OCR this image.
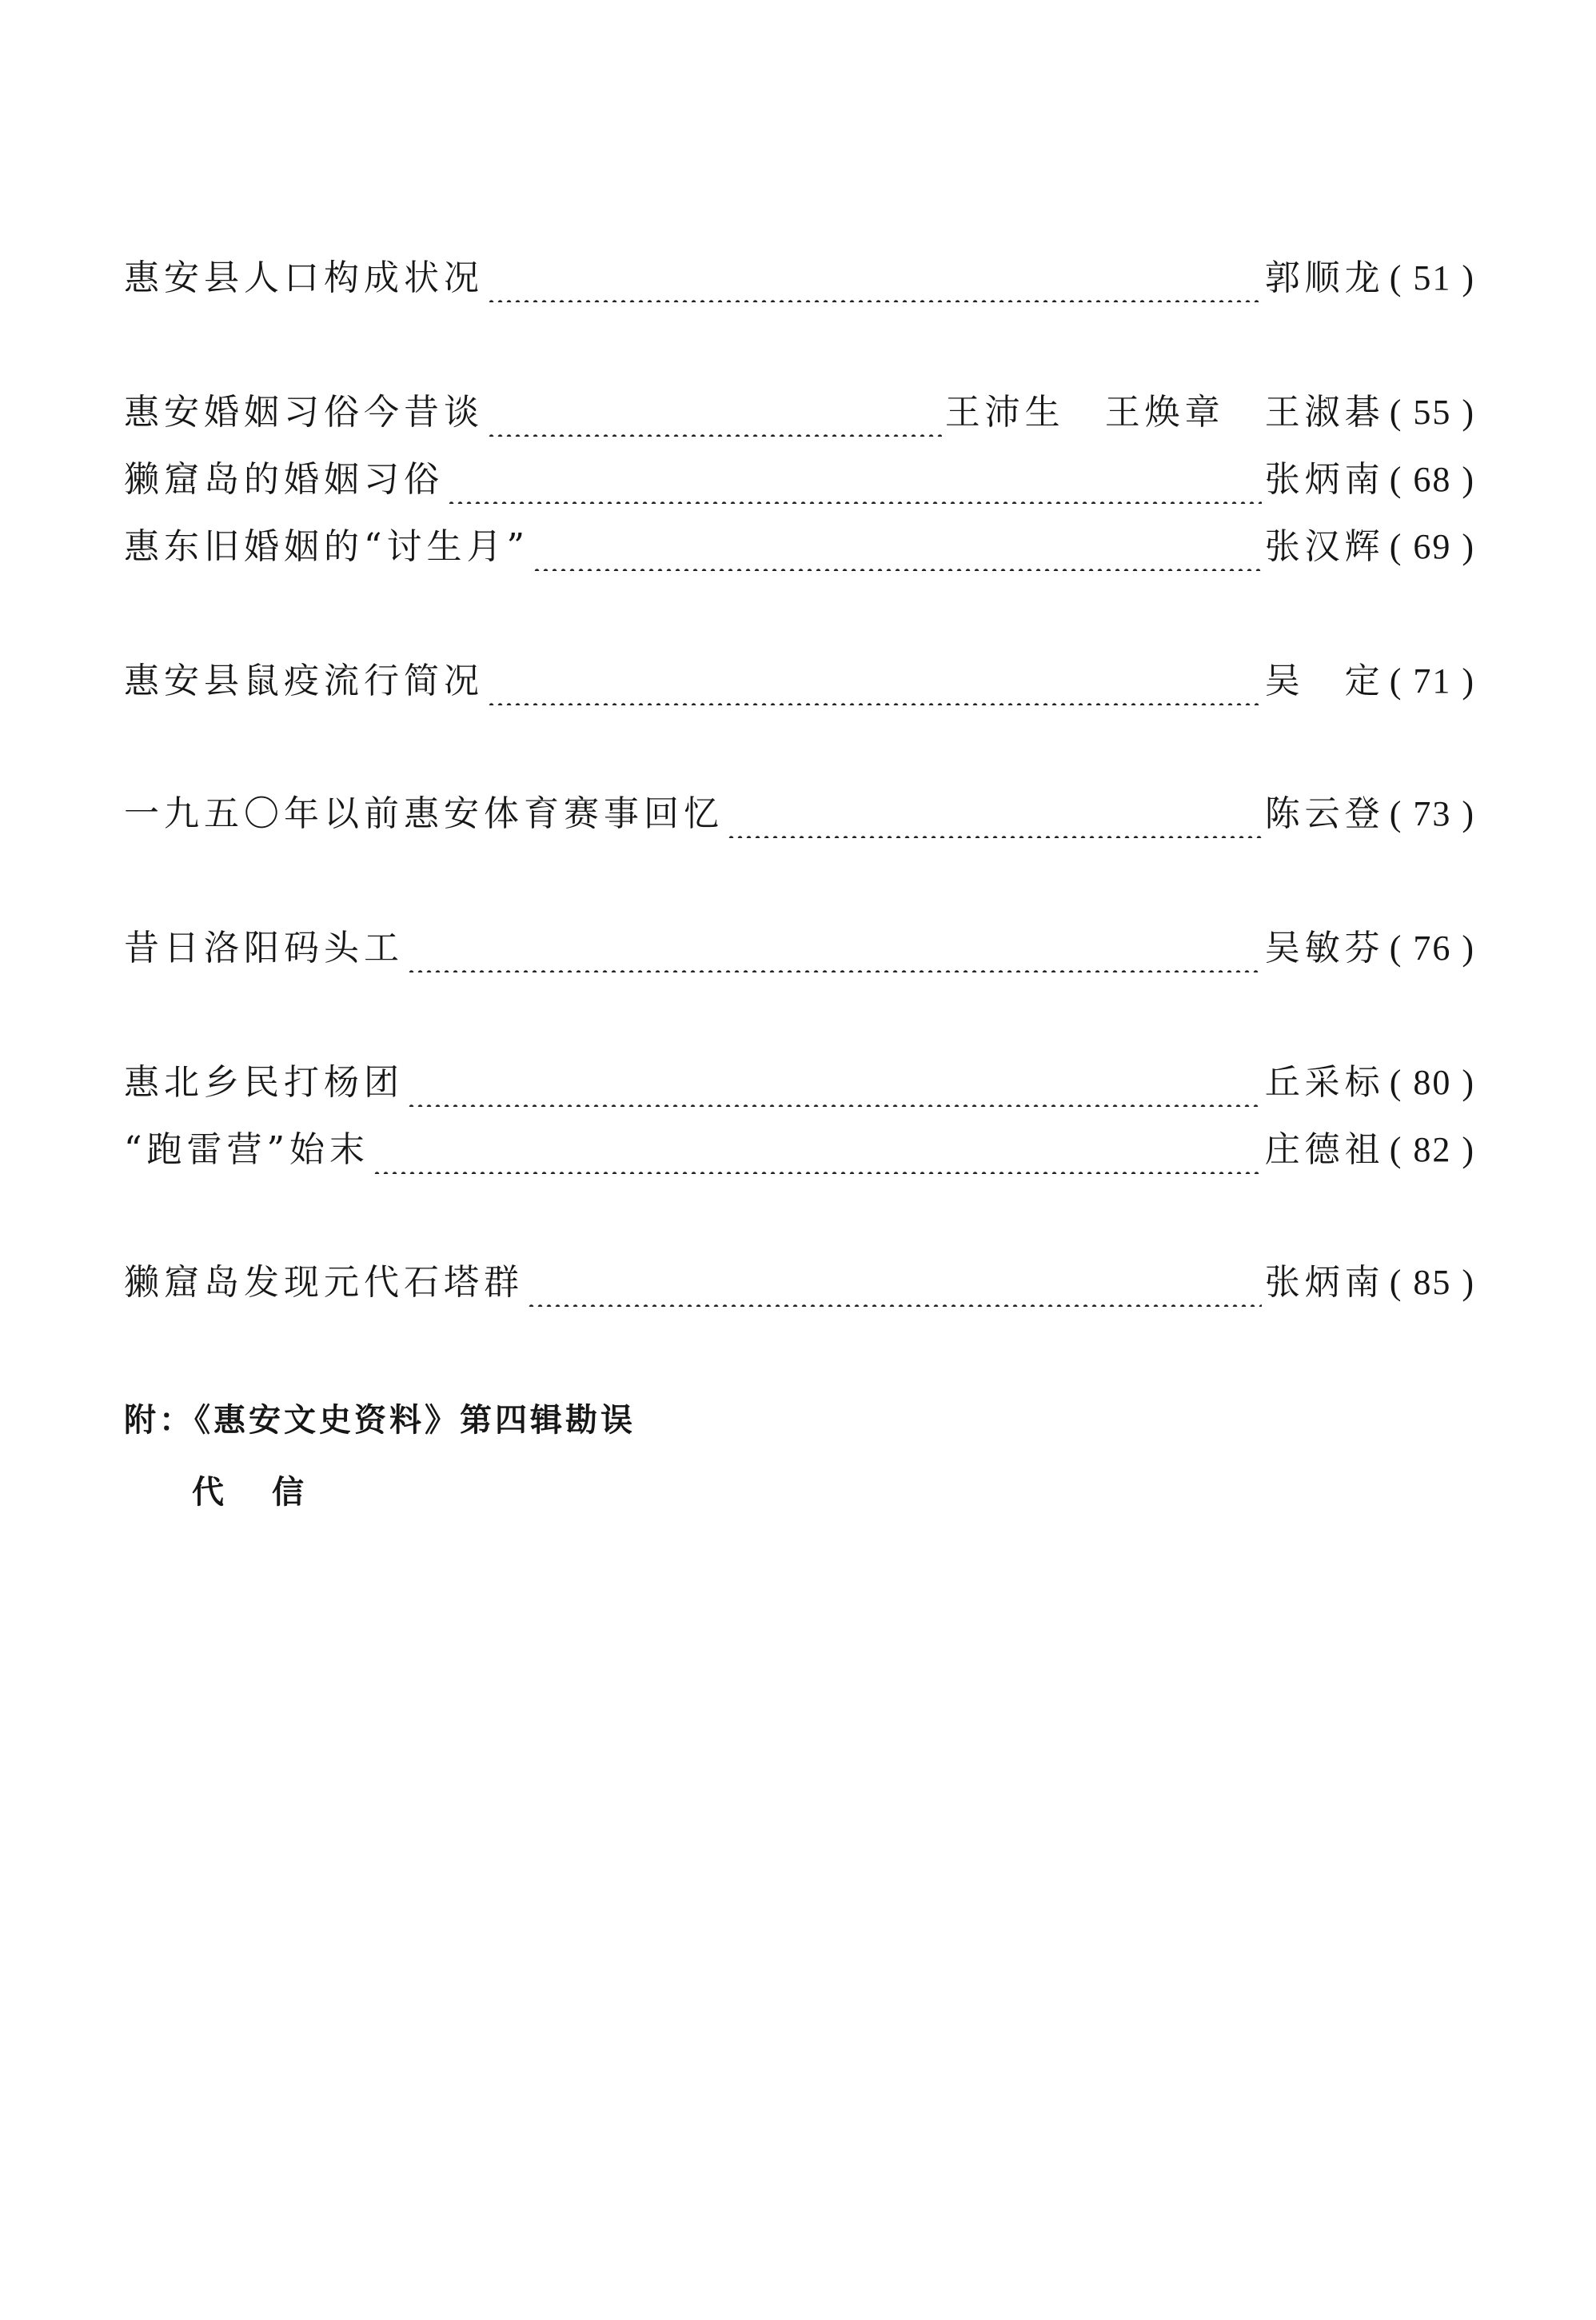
惠安县人口构成状况	郭顺龙 ( 51 )
惠安婚姻习俗今昔谈	王沛生 王焕章 王淑碁 ( 55 )
獭窟岛的婚姻习俗	张炳南 ( 68 )
惠东旧婚姻的“讨生月”	张汉辉 ( 69 )
惠安县鼠疫流行简况	吴　定 ( 71 )
一九五〇年以前惠安体育赛事回忆	陈云登 ( 73 )
昔日洛阳码头工	吴敏芬 ( 76 )
惠北乡民打杨团	丘采标 ( 80 )
“跑雷营”始末	庄德祖 ( 82 )
獭窟岛发现元代石塔群	张炳南 ( 85 )
附：《惠安文史资料》第四辑勘误
代信
